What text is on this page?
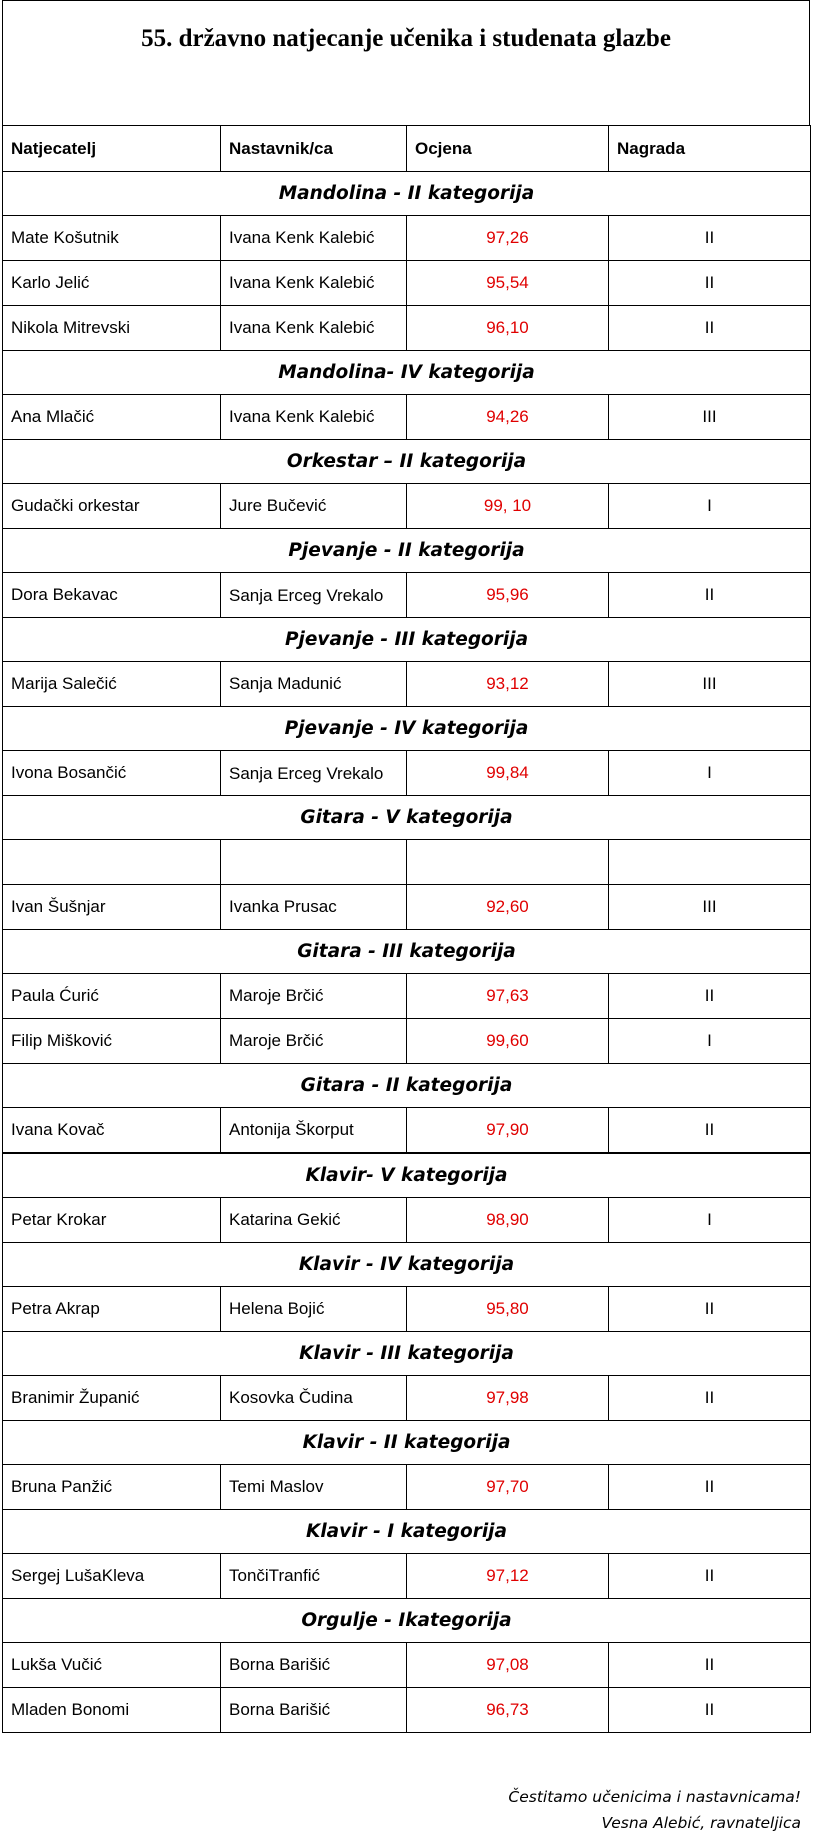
55. državno natjecanje učenika i studenata glazbe
Natjecatelj	Nastavnik/ca	Ocjena	Nagrada
Mandolina - II kategorija			
Mate Košutnik	Ivana Kenk Kalebić	97,26	II
Karlo Jelić	Ivana Kenk Kalebić	95,54	II
Nikola Mitrevski	Ivana Kenk Kalebić	96,10	II
Mandolina- IV kategorija			
Ana Mlačić	Ivana Kenk Kalebić	94,26	III
Orkestar – II kategorija			
Gudački orkestar	Jure Bučević	99, 10	I
Pjevanje - II kategorija			
Dora Bekavac	Sanja Erceg Vrekalo	95,96	II
Pjevanje - III kategorija			
Marija Salečić	Sanja Madunić	93,12	III
Pjevanje - IV kategorija			
Ivona Bosančić	Sanja Erceg Vrekalo	99,84	I
Gitara - V kategorija			

Ivan Šušnjar	Ivanka Prusac	92,60	III
Gitara - III kategorija			
Paula Ćurić	Maroje Brčić	97,63	II
Filip Mišković	Maroje Brčić	99,60	I
Gitara - II kategorija			
Ivana Kovač	Antonija Škorput	97,90	II
Klavir- V kategorija			
Petar Krokar	Katarina Gekić	98,90	I
Klavir - IV kategorija			
Petra Akrap	Helena Bojić	95,80	II
Klavir - III kategorija			
Branimir Županić	Kosovka Čudina	97,98	II
Klavir - II kategorija			
Bruna Panžić	Temi Maslov	97,70	II
Klavir - I kategorija			
Sergej LušaKleva	TončiTranfić	97,12	II
Orgulje - Ikategorija			
Lukša Vučić	Borna Barišić	97,08	II
Mladen Bonomi	Borna Barišić	96,73	II
Čestitamo učenicima i nastavnicama!
Vesna Alebić, ravnateljica
